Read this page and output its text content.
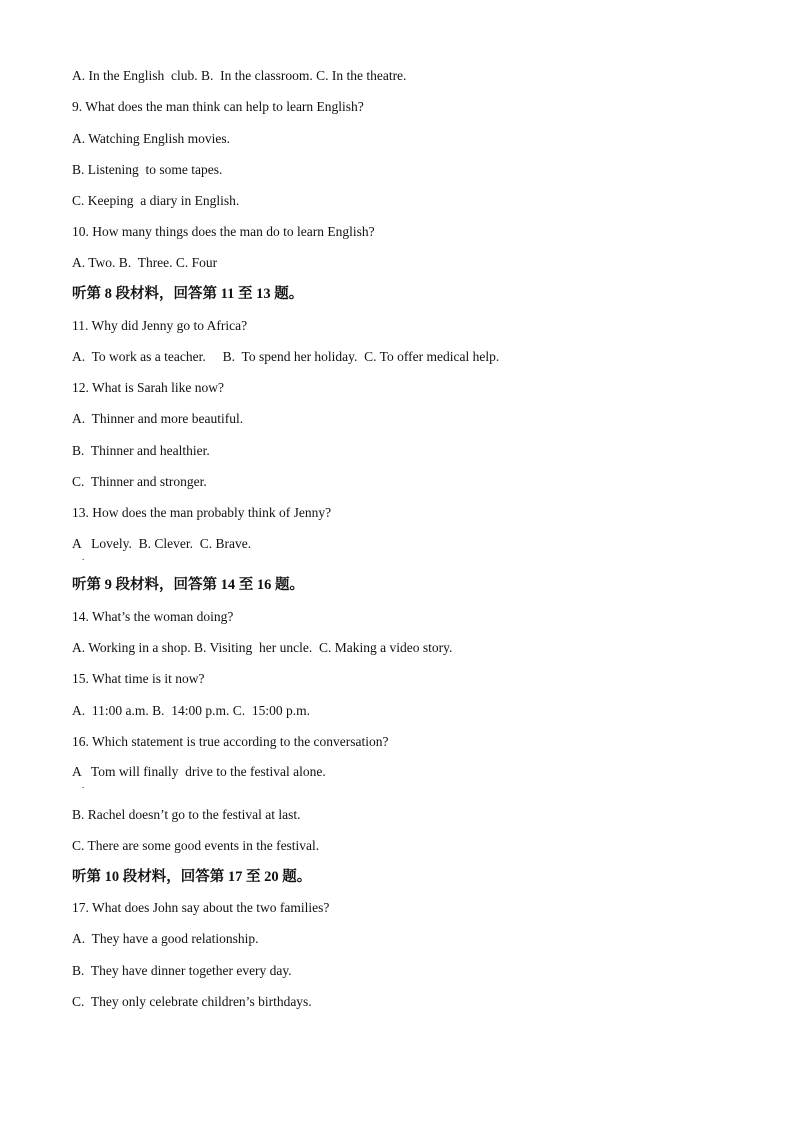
A. In the English  club. B.  In the classroom. C. In the theatre.
9. What does the man think can help to learn English?
A. Watching English movies.
B. Listening  to some tapes.
C. Keeping  a diary in English.
10. How many things does the man do to learn English?
A. Two. B.  Three. C. Four
听第 8 段材料，回答第 11 至 13 题。
11. Why did Jenny go to Africa?
A.  To work as a teacher.     B.  To spend her holiday.  C. To offer medical help.
12. What is Sarah like now?
A.  Thinner and more beautiful.
B.  Thinner and healthier.
C.  Thinner and stronger.
13. How does the man probably think of Jenny?
A   Lovely.  B. Clever.  C. Brave.
.
听第 9 段材料，回答第 14 至 16 题。
14. What’s the woman doing?
A. Working in a shop. B. Visiting  her uncle.  C. Making a video story.
15. What time is it now?
A.  11:00 a.m. B.  14:00 p.m. C.  15:00 p.m.
16. Which statement is true according to the conversation?
A   Tom will finally  drive to the festival alone.
.
B. Rachel doesn’t go to the festival at last.
C. There are some good events in the festival.
听第 10 段材料，回答第 17 至 20 题。
17. What does John say about the two families?
A.  They have a good relationship.
B.  They have dinner together every day.
C.  They only celebrate children’s birthdays.
